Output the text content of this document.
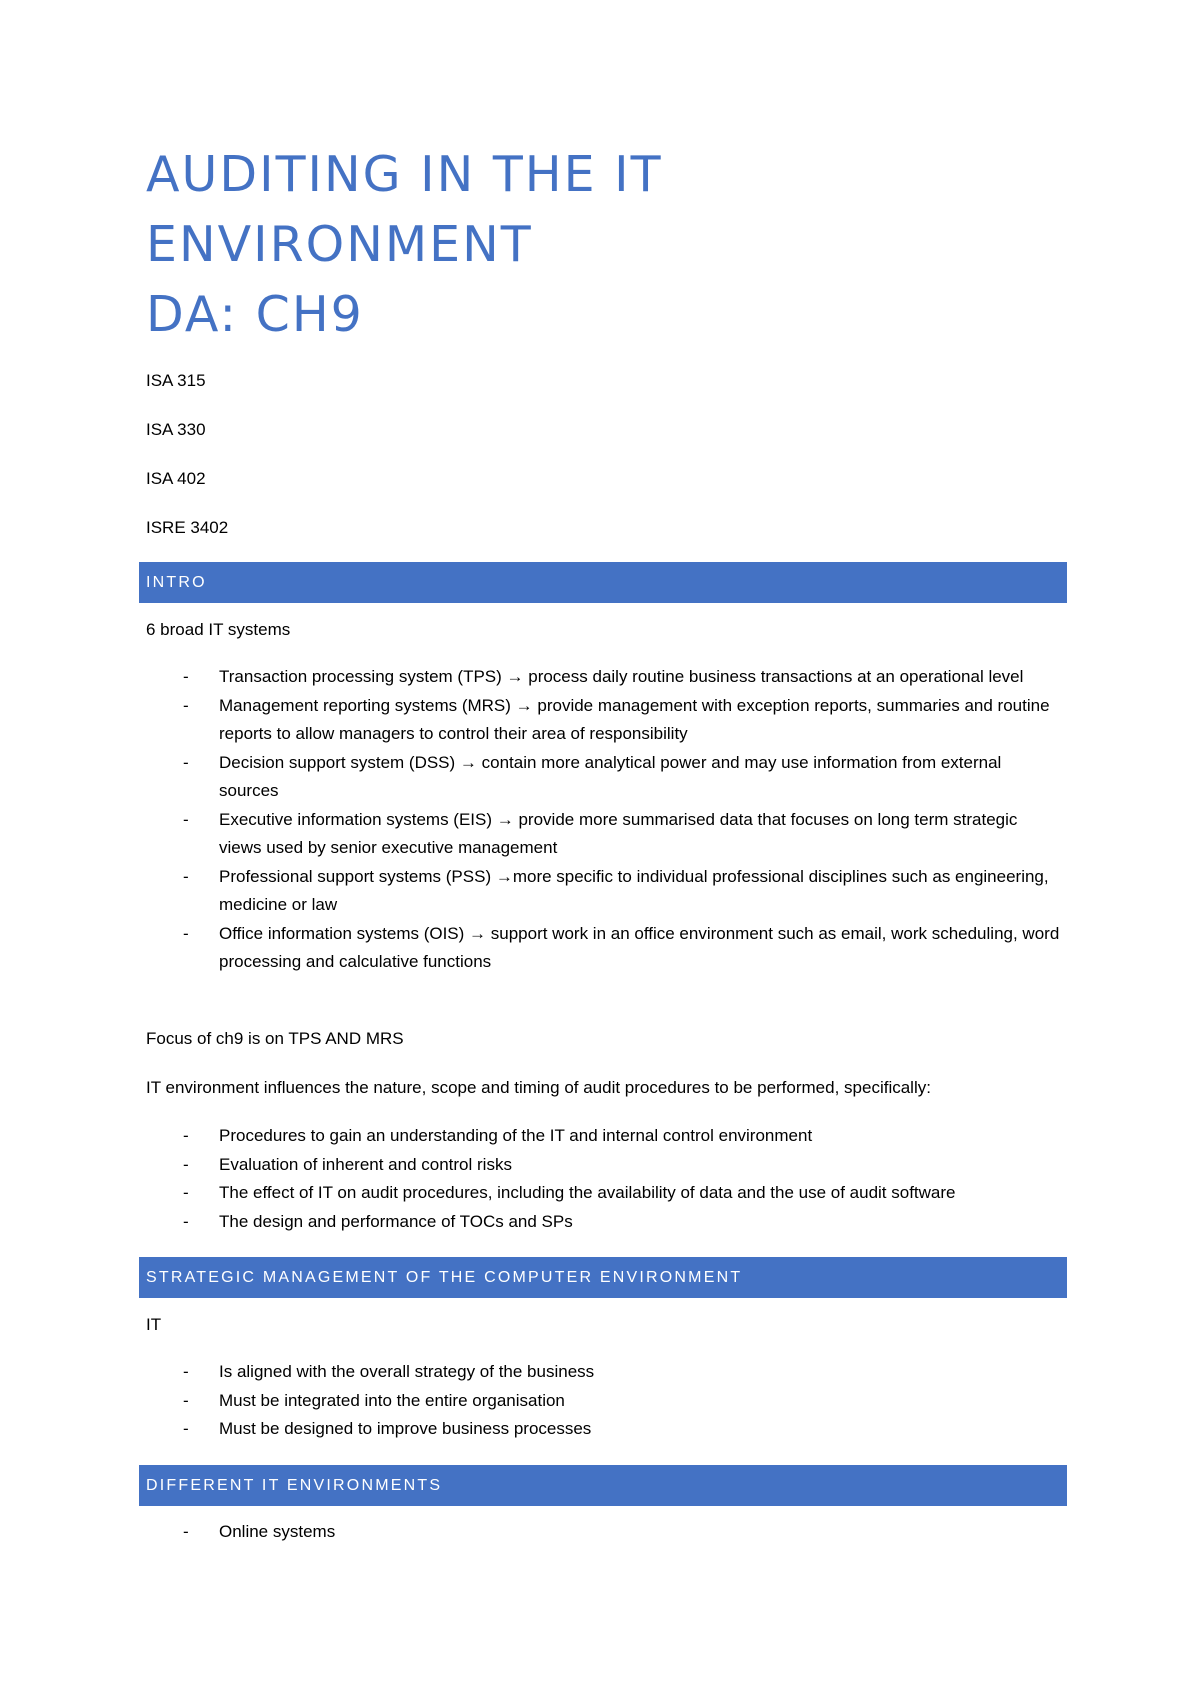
AUDITING IN THE IT
ENVIRONMENT
DA: CH9
ISA 315
ISA 330
ISA 402
ISRE 3402
INTRO
6 broad IT systems
- Transaction processing system (TPS) → process daily routine business transactions at an operational level
- Management reporting systems (MRS) → provide management with exception reports, summaries and routine reports to allow managers to control their area of responsibility
- Decision support system (DSS) → contain more analytical power and may use information from external sources
- Executive information systems (EIS) → provide more summarised data that focuses on long term strategic views used by senior executive management
- Professional support systems (PSS) →more specific to individual professional disciplines such as engineering, medicine or law
- Office information systems (OIS) → support work in an office environment such as email, work scheduling, word processing and calculative functions
Focus of ch9 is on TPS AND MRS
IT environment influences the nature, scope and timing of audit procedures to be performed, specifically:
- Procedures to gain an understanding of the IT and internal control environment
- Evaluation of inherent and control risks
- The effect of IT on audit procedures, including the availability of data and the use of audit software
- The design and performance of TOCs and SPs
STRATEGIC MANAGEMENT OF THE COMPUTER ENVIRONMENT
IT
- Is aligned with the overall strategy of the business
- Must be integrated into the entire organisation
- Must be designed to improve business processes
DIFFERENT IT ENVIRONMENTS
- Online systems
